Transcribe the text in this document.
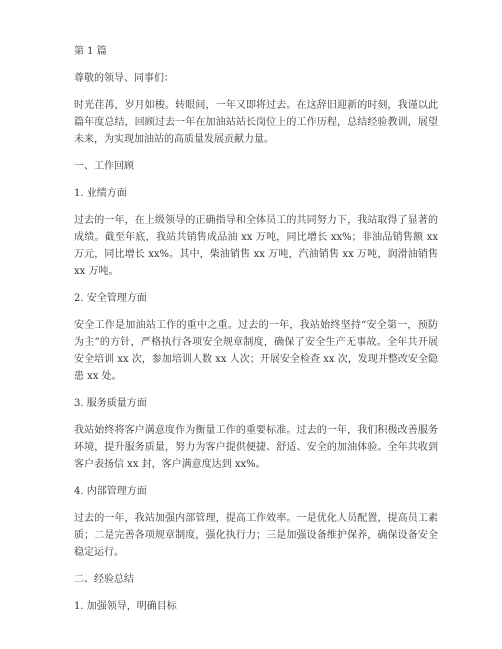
第 1 篇

尊敬的领导、同事们：

时光荏苒，岁月如梭。转眼间，一年又即将过去。在这辞旧迎新的时刻，我谨以此篇年度总结，回顾过去一年在加油站站长岗位上的工作历程，总结经验教训，展望未来，为实现加油站的高质量发展贡献力量。

一、工作回顾

1. 业绩方面

过去的一年，在上级领导的正确指导和全体员工的共同努力下，我站取得了显著的成绩。截至年底，我站共销售成品油 xx 万吨，同比增长 xx%；非油品销售额 xx 万元，同比增长 xx%。其中，柴油销售 xx 万吨，汽油销售 xx 万吨，润滑油销售 xx 万吨。

2. 安全管理方面

安全工作是加油站工作的重中之重。过去的一年，我站始终坚持“安全第一，预防为主”的方针，严格执行各项安全规章制度，确保了安全生产无事故。全年共开展安全培训 xx 次，参加培训人数 xx 人次；开展安全检查 xx 次，发现并整改安全隐患 xx 处。

3. 服务质量方面

我站始终将客户满意度作为衡量工作的重要标准。过去的一年，我们积极改善服务环境，提升服务质量，努力为客户提供便捷、舒适、安全的加油体验。全年共收到客户表扬信 xx 封，客户满意度达到 xx%。

4. 内部管理方面

过去的一年，我站加强内部管理，提高工作效率。一是优化人员配置，提高员工素质；二是完善各项规章制度，强化执行力；三是加强设备维护保养，确保设备安全稳定运行。

二、经验总结

1. 加强领导，明确目标
